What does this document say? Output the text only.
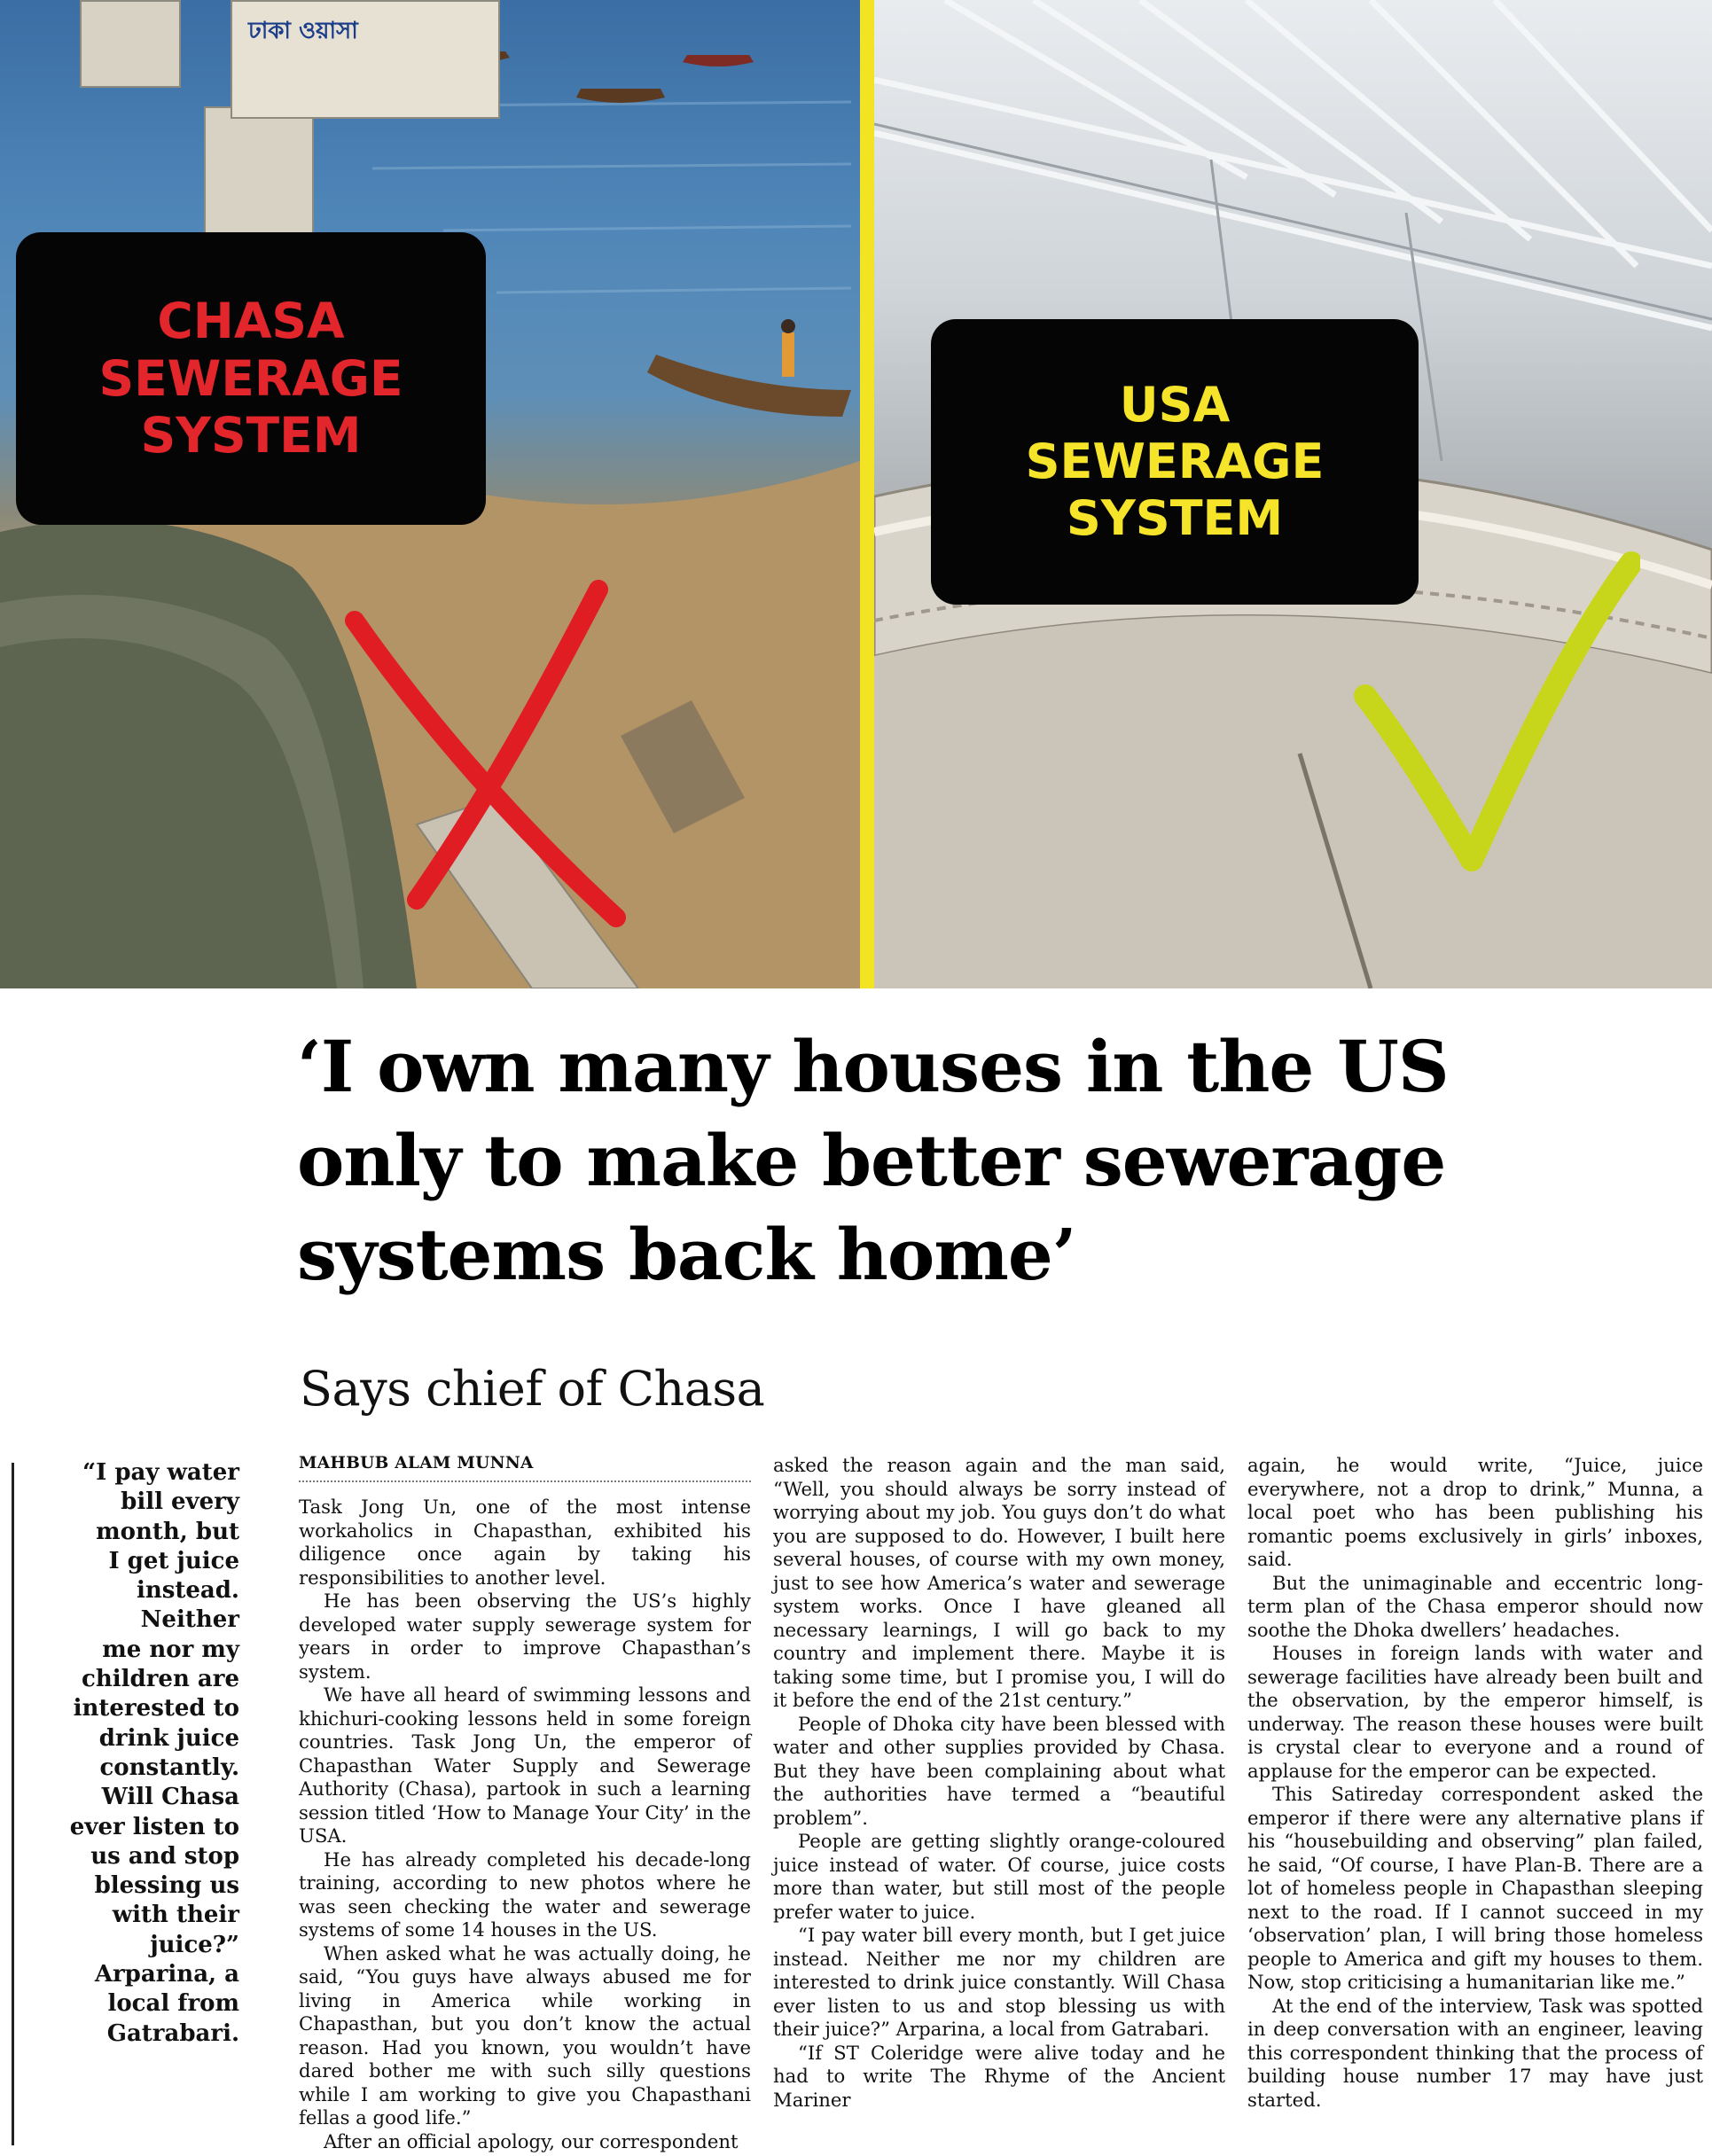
ঢাকা ওয়াসা
CHASA
SEWERAGE
SYSTEM
USA
SEWERAGE
SYSTEM
‘I own many houses in the US
only to make better sewerage
systems back home’
Says chief of Chasa
“I pay water
bill every
month, but
I get juice
instead.
Neither
me nor my
children are
interested to
drink juice
constantly.
Will Chasa
ever listen to
us and stop
blessing us
with their
juice?”
Arparina, a
local from
Gatrabari.
MAHBUB ALAM MUNNA

Task Jong Un, one of the most intense workaholics in Chapasthan, exhibited his diligence once again by taking his responsibilities to another level.

He has been observing the US’s highly developed water supply sewerage system for years in order to improve Chapasthan’s system.

We have all heard of swimming lessons and khichuri-cooking lessons held in some foreign countries. Task Jong Un, the emperor of Chapasthan Water Supply and Sewerage Authority (Chasa), partook in such a learning session titled ‘How to Manage Your City’ in the USA.

He has already completed his decade-long training, according to new photos where he was seen checking the water and sewerage systems of some 14 houses in the US.

When asked what he was actually doing, he said, “You guys have always abused me for living in America while working in Chapasthan, but you don’t know the actual reason. Had you known, you wouldn’t have dared bother me with such silly questions while I am working to give you Chapasthani fellas a good life.”

After an official apology, our correspondent

asked the reason again and the man said, “Well, you should always be sorry instead of worrying about my job. You guys don’t do what you are supposed to do. However, I built here several houses, of course with my own money, just to see how America’s water and sewerage system works. Once I have gleaned all necessary learnings, I will go back to my country and implement there. Maybe it is taking some time, but I promise you, I will do it before the end of the 21st century.”

People of Dhoka city have been blessed with water and other supplies provided by Chasa. But they have been complaining about what the authorities have termed a “beautiful problem”.

People are getting slightly orange-coloured juice instead of water. Of course, juice costs more than water, but still most of the people prefer water to juice.

“I pay water bill every month, but I get juice instead. Neither me nor my children are interested to drink juice constantly. Will Chasa ever listen to us and stop blessing us with their juice?” Arparina, a local from Gatrabari.

“If ST Coleridge were alive today and he had to write The Rhyme of the Ancient Mariner

again, he would write, “Juice, juice everywhere, not a drop to drink,” Munna, a local poet who has been publishing his romantic poems exclusively in girls’ inboxes, said.

But the unimaginable and eccentric long-term plan of the Chasa emperor should now soothe the Dhoka dwellers’ headaches.

Houses in foreign lands with water and sewerage facilities have already been built and the observation, by the emperor himself, is underway. The reason these houses were built is crystal clear to everyone and a round of applause for the emperor can be expected.

This Satireday correspondent asked the emperor if there were any alternative plans if his “housebuilding and observing” plan failed, he said, “Of course, I have Plan-B. There are a lot of homeless people in Chapasthan sleeping next to the road. If I cannot succeed in my ‘observation’ plan, I will bring those homeless people to America and gift my houses to them. Now, stop criticising a humanitarian like me.”

At the end of the interview, Task was spotted in deep conversation with an engineer, leaving this correspondent thinking that the process of building house number 17 may have just started.
